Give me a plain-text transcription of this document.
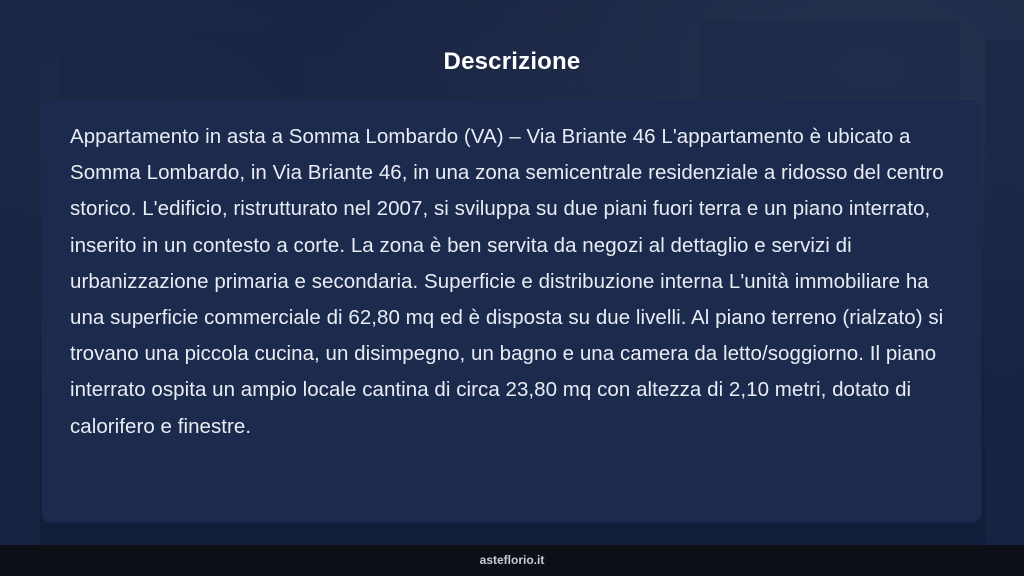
Descrizione

Appartamento in asta a Somma Lombardo (VA) – Via Briante 46 L'appartamento è ubicato a Somma Lombardo, in Via Briante 46, in una zona semicentrale residenziale a ridosso del centro storico. L'edificio, ristrutturato nel 2007, si sviluppa su due piani fuori terra e un piano interrato, inserito in un contesto a corte. La zona è ben servita da negozi al dettaglio e servizi di urbanizzazione primaria e secondaria. Superficie e distribuzione interna L'unità immobiliare ha una superficie commerciale di 62,80 mq ed è disposta su due livelli. Al piano terreno (rialzato) si trovano una piccola cucina, un disimpegno, un bagno e una camera da letto/soggiorno. Il piano interrato ospita un ampio locale cantina di circa 23,80 mq con altezza di 2,10 metri, dotato di calorifero e finestre.

asteflorio.it
